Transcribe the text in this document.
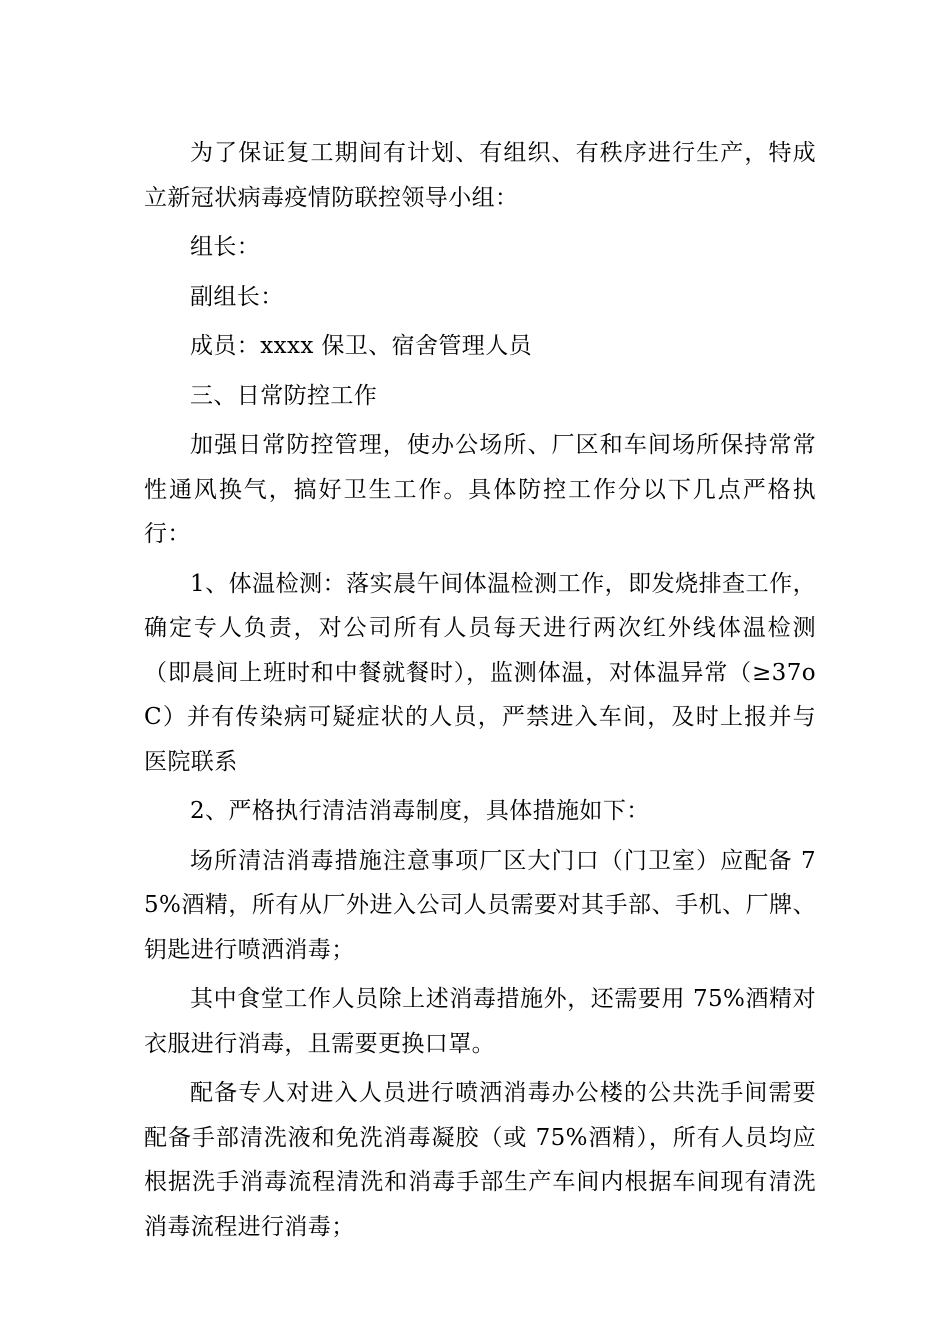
为了保证复工期间有计划、有组织、有秩序进行生产，特成立新冠状病毒疫情防联控领导小组：

组长：

副组长：

成员：xxxx 保卫、宿舍管理人员

三、日常防控工作

加强日常防控管理，使办公场所、厂区和车间场所保持常常性通风换气，搞好卫生工作。具体防控工作分以下几点严格执行：

1、体温检测：落实晨午间体温检测工作，即发烧排查工作，确定专人负责，对公司所有人员每天进行两次红外线体温检测（即晨间上班时和中餐就餐时），监测体温，对体温异常（≥37oC）并有传染病可疑症状的人员，严禁进入车间，及时上报并与医院联系

2、严格执行清洁消毒制度，具体措施如下：

场所清洁消毒措施注意事项厂区大门口（门卫室）应配备 75%酒精，所有从厂外进入公司人员需要对其手部、手机、厂牌、钥匙进行喷洒消毒；

其中食堂工作人员除上述消毒措施外，还需要用 75%酒精对衣服进行消毒，且需要更换口罩。

配备专人对进入人员进行喷洒消毒办公楼的公共洗手间需要配备手部清洗液和免洗消毒凝胶（或 75%酒精），所有人员均应根据洗手消毒流程清洗和消毒手部生产车间内根据车间现有清洗消毒流程进行消毒；
